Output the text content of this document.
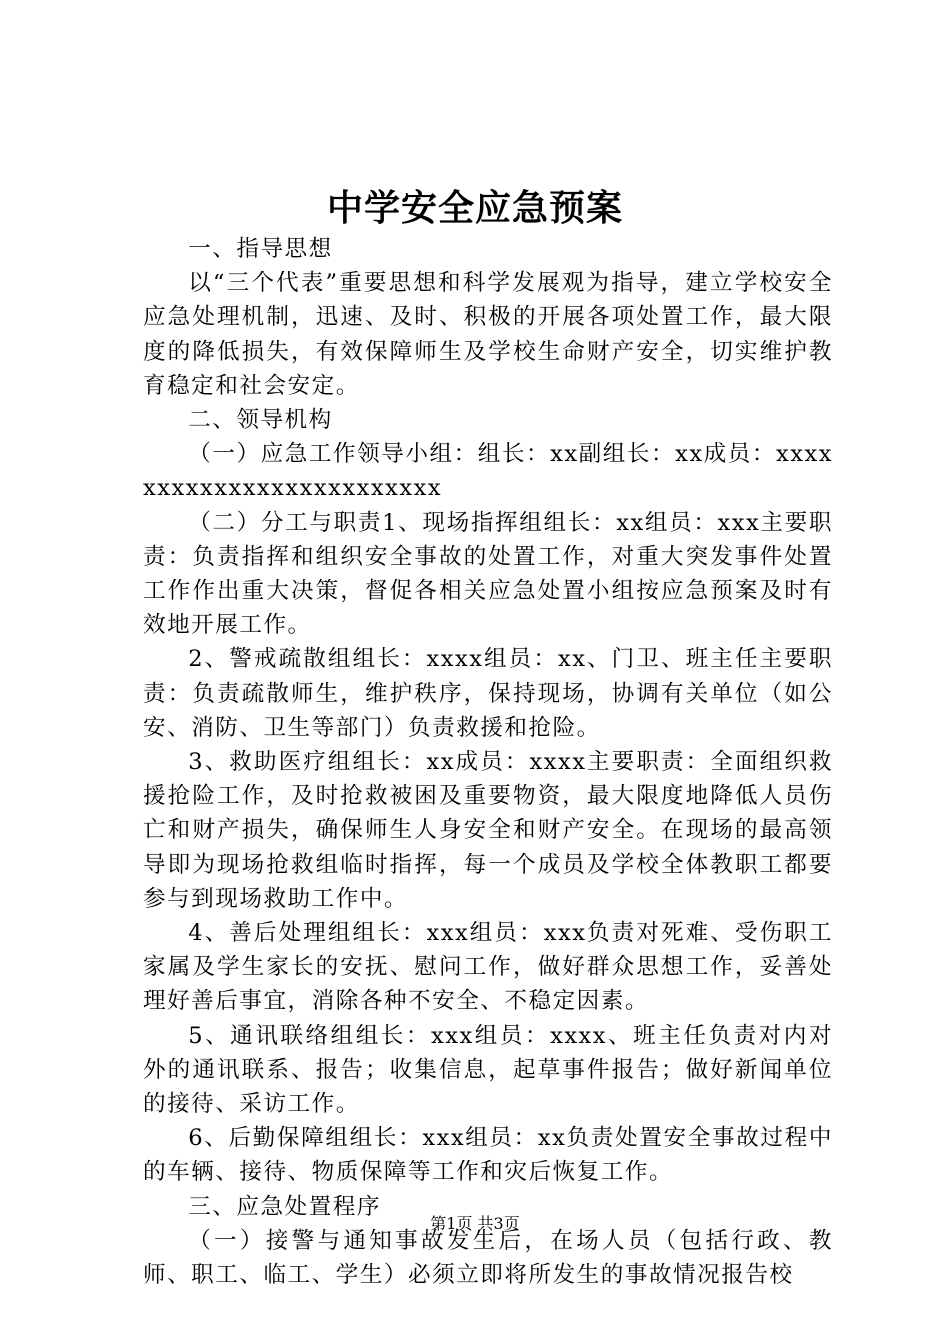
中学安全应急预案

一、指导思想

以“三个代表”重要思想和科学发展观为指导，建立学校安全应急处理机制，迅速、及时、积极的开展各项处置工作，最大限度的降低损失，有效保障师生及学校生命财产安全，切实维护教育稳定和社会安定。

二、领导机构

（一）应急工作领导小组：组长：xx副组长：xx成员：xxxxxxxxxxxxxxxxxxxxxxxxx

（二）分工与职责1、现场指挥组组长：xx组员：xxx主要职责：负责指挥和组织安全事故的处置工作，对重大突发事件处置工作作出重大决策，督促各相关应急处置小组按应急预案及时有效地开展工作。

2、警戒疏散组组长：xxxx组员：xx、门卫、班主任主要职责：负责疏散师生，维护秩序，保持现场，协调有关单位（如公安、消防、卫生等部门）负责救援和抢险。

3、救助医疗组组长：xx成员：xxxx主要职责：全面组织救援抢险工作，及时抢救被困及重要物资，最大限度地降低人员伤亡和财产损失，确保师生人身安全和财产安全。在现场的最高领导即为现场抢救组临时指挥，每一个成员及学校全体教职工都要参与到现场救助工作中。

4、善后处理组组长：xxx组员：xxx负责对死难、受伤职工家属及学生家长的安抚、慰问工作，做好群众思想工作，妥善处理好善后事宜，消除各种不安全、不稳定因素。

5、通讯联络组组长：xxx组员：xxxx、班主任负责对内对外的通讯联系、报告；收集信息，起草事件报告；做好新闻单位的接待、采访工作。

6、后勤保障组组长：xxx组员：xx负责处置安全事故过程中的车辆、接待、物质保障等工作和灾后恢复工作。

三、应急处置程序

（一）接警与通知事故发生后，在场人员（包括行政、教师、职工、临工、学生）必须立即将所发生的事故情况报告校

第1页 共3页
